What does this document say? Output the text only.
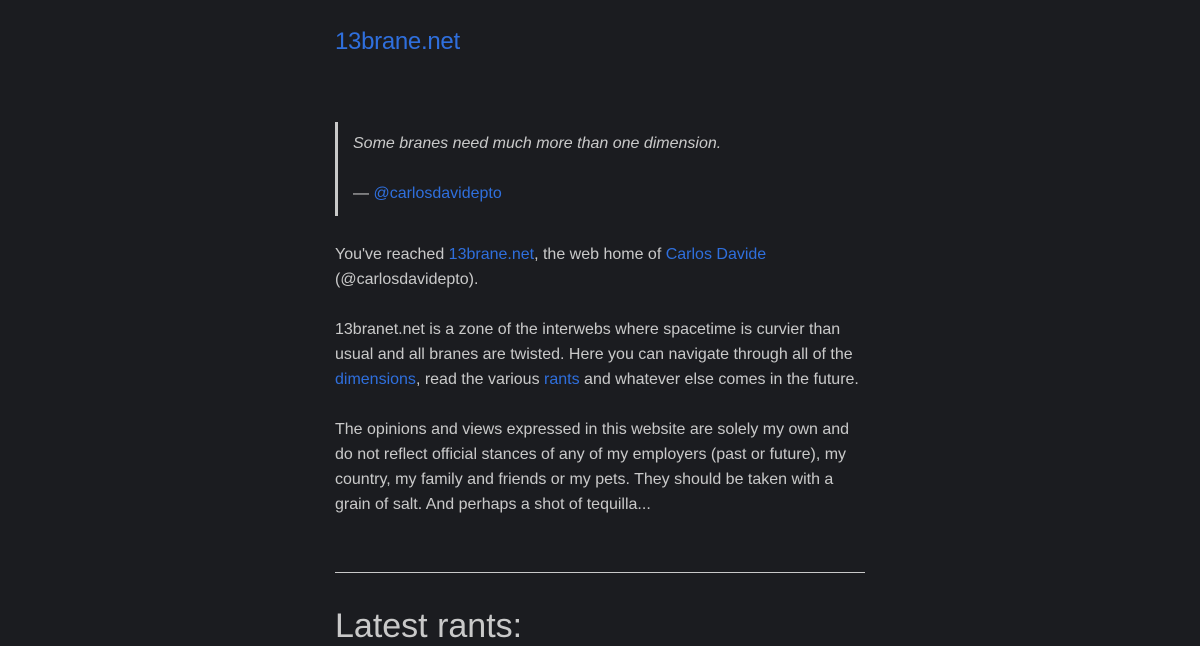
13brane.net
Some branes need much more than one dimension.
— @carlosdavidepto

You've reached 13brane.net, the web home of Carlos Davide (@carlosdavidepto).

13branet.net is a zone of the interwebs where spacetime is curvier than usual and all branes are twisted. Here you can navigate through all of the dimensions, read the various rants and whatever else comes in the future.

The opinions and views expressed in this website are solely my own and do not reflect official stances of any of my employers (past or future), my country, my family and friends or my pets. They should be taken with a grain of salt. And perhaps a shot of tequilla...

Latest rants:
